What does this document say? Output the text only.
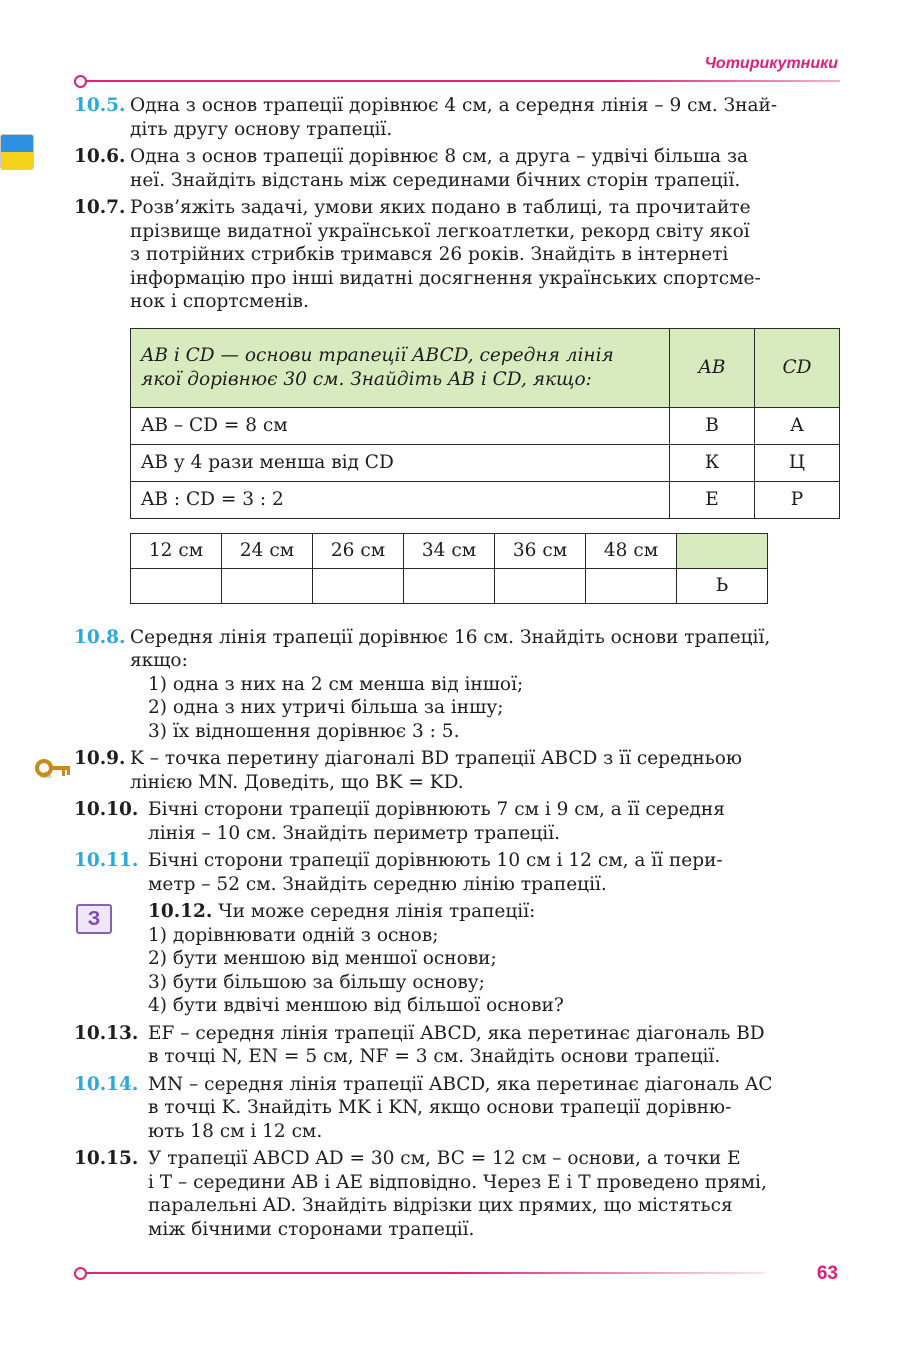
Чотирикутники
З
10.5. Одна з основ трапеції дорівнює 4 см, а середня лінія – 9 см. Знай-
діть другу основу трапеції.
10.6. Одна з основ трапеції дорівнює 8 см, а друга – удвічі більша за
неї. Знайдіть відстань між серединами бічних сторін трапеції.
10.7. Розв’яжіть задачі, умови яких подано в таблиці, та прочитайте
прізвище видатної української легкоатлетки, рекорд світу якої
з потрійних стрибків тримався 26 років. Знайдіть в інтернеті
інформацію про інші видатні досягнення українських спортсме-
нок і спортсменів.
AB і CD — основи трапеції ABCD, середня лінія якої дорівнює 30 см. Знайдіть AB і CD, якщо:	AB	CD
AB – CD = 8 см	В	А
AB у 4 рази менша від CD	К	Ц
AB : CD = 3 : 2	Е	Р
12 см	24 см	26 см	34 см	36 см	48 см	
						Ь
10.8. Середня лінія трапеції дорівнює 16 см. Знайдіть основи трапеції,
якщо:
1) одна з них на 2 см менша від іншої;
2) одна з них утричі більша за іншу;
3) їх відношення дорівнює 3 : 5.
10.9. K – точка перетину діагоналі BD трапеції ABCD з її середньою
лінією MN. Доведіть, що BK = KD.
10.10. Бічні сторони трапеції дорівнюють 7 см і 9 см, а її середня
лінія – 10 см. Знайдіть периметр трапеції.
10.11. Бічні сторони трапеції дорівнюють 10 см і 12 см, а її пери-
метр – 52 см. Знайдіть середню лінію трапеції.
10.12. Чи може середня лінія трапеції:
1) дорівнювати одній з основ;
2) бути меншою від меншої основи;
3) бути більшою за більшу основу;
4) бути вдвічі меншою від більшої основи?
10.13. EF – середня лінія трапеції ABCD, яка перетинає діагональ BD
в точці N, EN = 5 см, NF = 3 см. Знайдіть основи трапеції.
10.14. MN – середня лінія трапеції ABCD, яка перетинає діагональ AC
в точці K. Знайдіть MK і KN, якщо основи трапеції дорівню-
ють 18 см і 12 см.
10.15. У трапеції ABCD AD = 30 см, BC = 12 см – основи, а точки E
і T – середини AB і AE відповідно. Через E і T проведено прямі,
паралельні AD. Знайдіть відрізки цих прямих, що містяться
між бічними сторонами трапеції.
63
